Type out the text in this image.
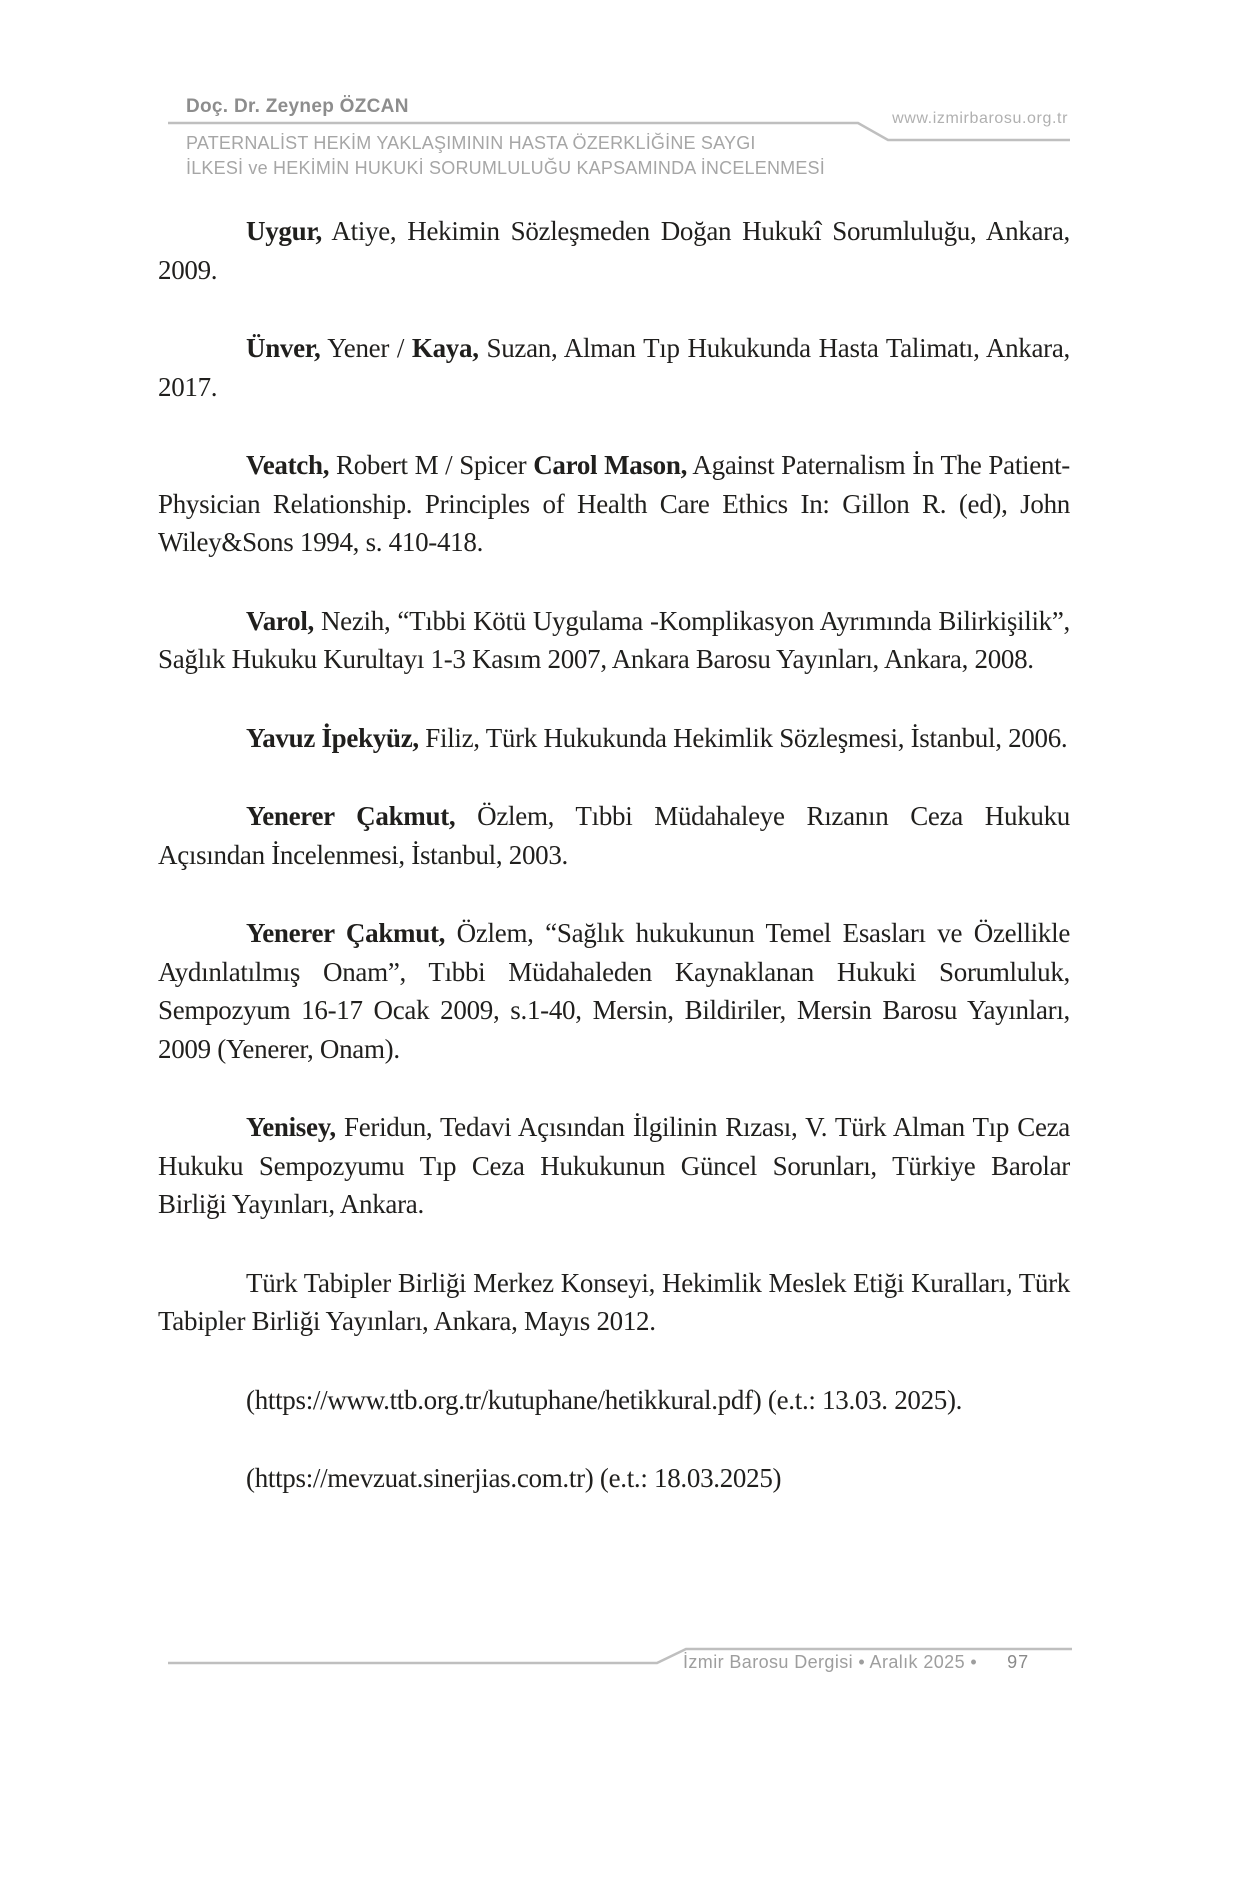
Doç. Dr. Zeynep ÖZCAN
www.izmirbarosu.org.tr
PATERNALİST HEKİM YAKLAŞIMININ HASTA ÖZERKLİĞİNE SAYGI
İLKESİ ve HEKİMİN HUKUKİ SORUMLULUĞU KAPSAMINDA İNCELENMESİ

Uygur, Atiye, Hekimin Sözleşmeden Doğan Hukukî Sorumluluğu, Ankara, 2009.

Ünver, Yener / Kaya, Suzan, Alman Tıp Hukukunda Hasta Talimatı, Ankara, 2017.

Veatch, Robert M / Spicer Carol Mason, Against Paternalism İn The Patient-Physician Relationship. Principles of Health Care Ethics In: Gillon R. (ed), John Wiley&Sons 1994, s. 410-418.

Varol, Nezih, “Tıbbi Kötü Uygulama -Komplikasyon Ayrımında Bilirkişilik”, Sağlık Hukuku Kurultayı 1-3 Kasım 2007, Ankara Barosu Yayınları, Ankara, 2008.

Yavuz İpekyüz, Filiz, Türk Hukukunda Hekimlik Sözleşmesi, İstanbul, 2006.

Yenerer Çakmut, Özlem, Tıbbi Müdahaleye Rızanın Ceza Hukuku Açısından İncelenmesi, İstanbul, 2003.

Yenerer Çakmut, Özlem, “Sağlık hukukunun Temel Esasları ve Özellikle Aydınlatılmış Onam”, Tıbbi Müdahaleden Kaynaklanan Hukuki Sorumluluk, Sempozyum 16-17 Ocak 2009, s.1-40, Mersin, Bildiriler, Mersin Barosu Yayınları, 2009 (Yenerer, Onam).

Yenisey, Feridun, Tedavi Açısından İlgilinin Rızası, V. Türk Alman Tıp Ceza Hukuku Sempozyumu Tıp Ceza Hukukunun Güncel Sorunları, Türkiye Barolar Birliği Yayınları, Ankara.

Türk Tabipler Birliği Merkez Konseyi, Hekimlik Meslek Etiği Kuralları, Türk Tabipler Birliği Yayınları, Ankara, Mayıs 2012.

(https://www.ttb.org.tr/kutuphane/hetikkural.pdf) (e.t.: 13.03. 2025).

(https://mevzuat.sinerjias.com.tr) (e.t.: 18.03.2025)

İzmir Barosu Dergisi • Aralık 2025 • 97
